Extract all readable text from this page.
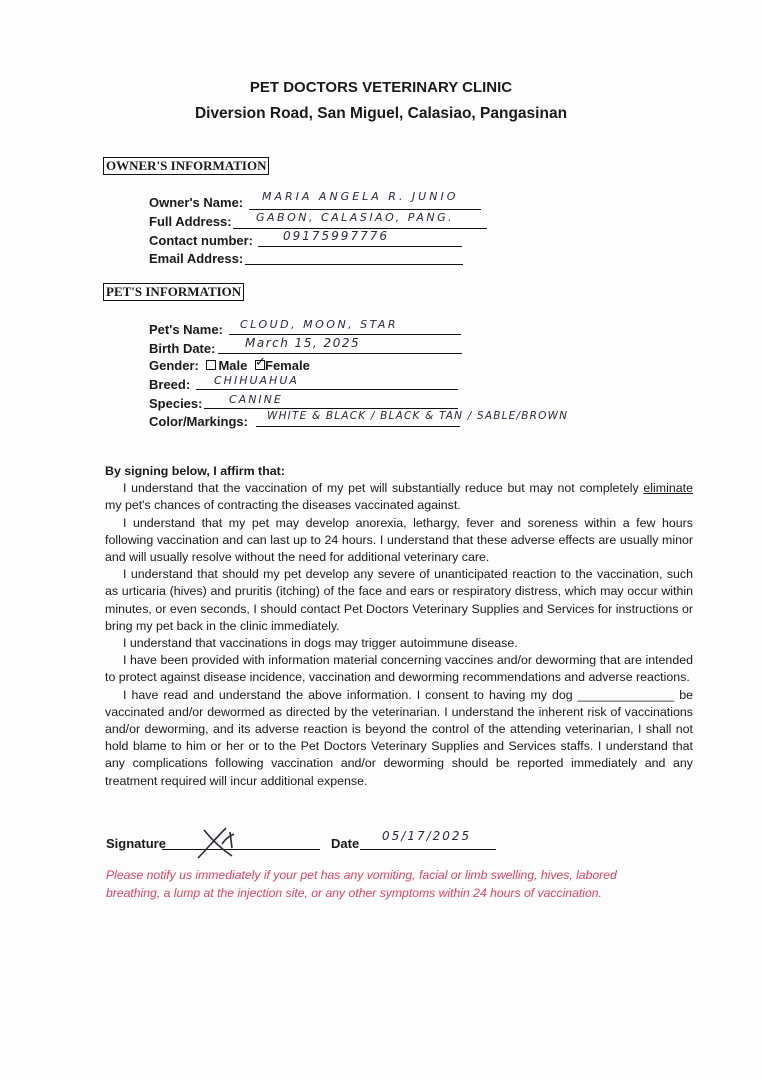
PET DOCTORS VETERINARY CLINIC
Diversion Road, San Miguel, Calasiao, Pangasinan
OWNER'S INFORMATION
Owner's Name: MARIA ANGELA R. JUNIO
Full Address: GABON, CALASIAO, PANG.
Contact number:	09175997776
Email Address:
PET'S INFORMATION
Pet's Name: CLOUD, MOON, STAR
Birth Date: March 15, 2025
Gender: Male ✓ Female
Breed: CHIHUAHUA
Species: CANINE
Color/Markings: WHITE & BLACK / BLACK & TAN / SABLE/BROWN

By signing below, I affirm that:

I understand that the vaccination of my pet will substantially reduce but may not completely eliminate my pet's chances of contracting the diseases vaccinated against.

I understand that my pet may develop anorexia, lethargy, fever and soreness within a few hours following vaccination and can last up to 24 hours. I understand that these adverse effects are usually minor and will usually resolve without the need for additional veterinary care.

I understand that should my pet develop any severe of unanticipated reaction to the vaccination, such as urticaria (hives) and pruritis (itching) of the face and ears or respiratory distress, which may occur within minutes, or even seconds, I should contact Pet Doctors Veterinary Supplies and Services for instructions or bring my pet back in the clinic immediately.

I understand that vaccinations in dogs may trigger autoimmune disease.

I have been provided with information material concerning vaccines and/or deworming that are intended to protect against disease incidence, vaccination and deworming recommendations and adverse reactions.

I have read and understand the above information. I consent to having my dog ______________ be vaccinated and/or dewormed as directed by the veterinarian. I understand the inherent risk of vaccinations and/or deworming, and its adverse reaction is beyond the control of the attending veterinarian, I shall not hold blame to him or her or to the Pet Doctors Veterinary Supplies and Services staffs. I understand that any complications following vaccination and/or deworming should be reported immediately and any treatment required will incur additional expense.

Signature	Date 05/17/2025
Please notify us immediately if your pet has any vomiting, facial or limb swelling, hives, labored breathing, a lump at the injection site, or any other symptoms within 24 hours of vaccination.
